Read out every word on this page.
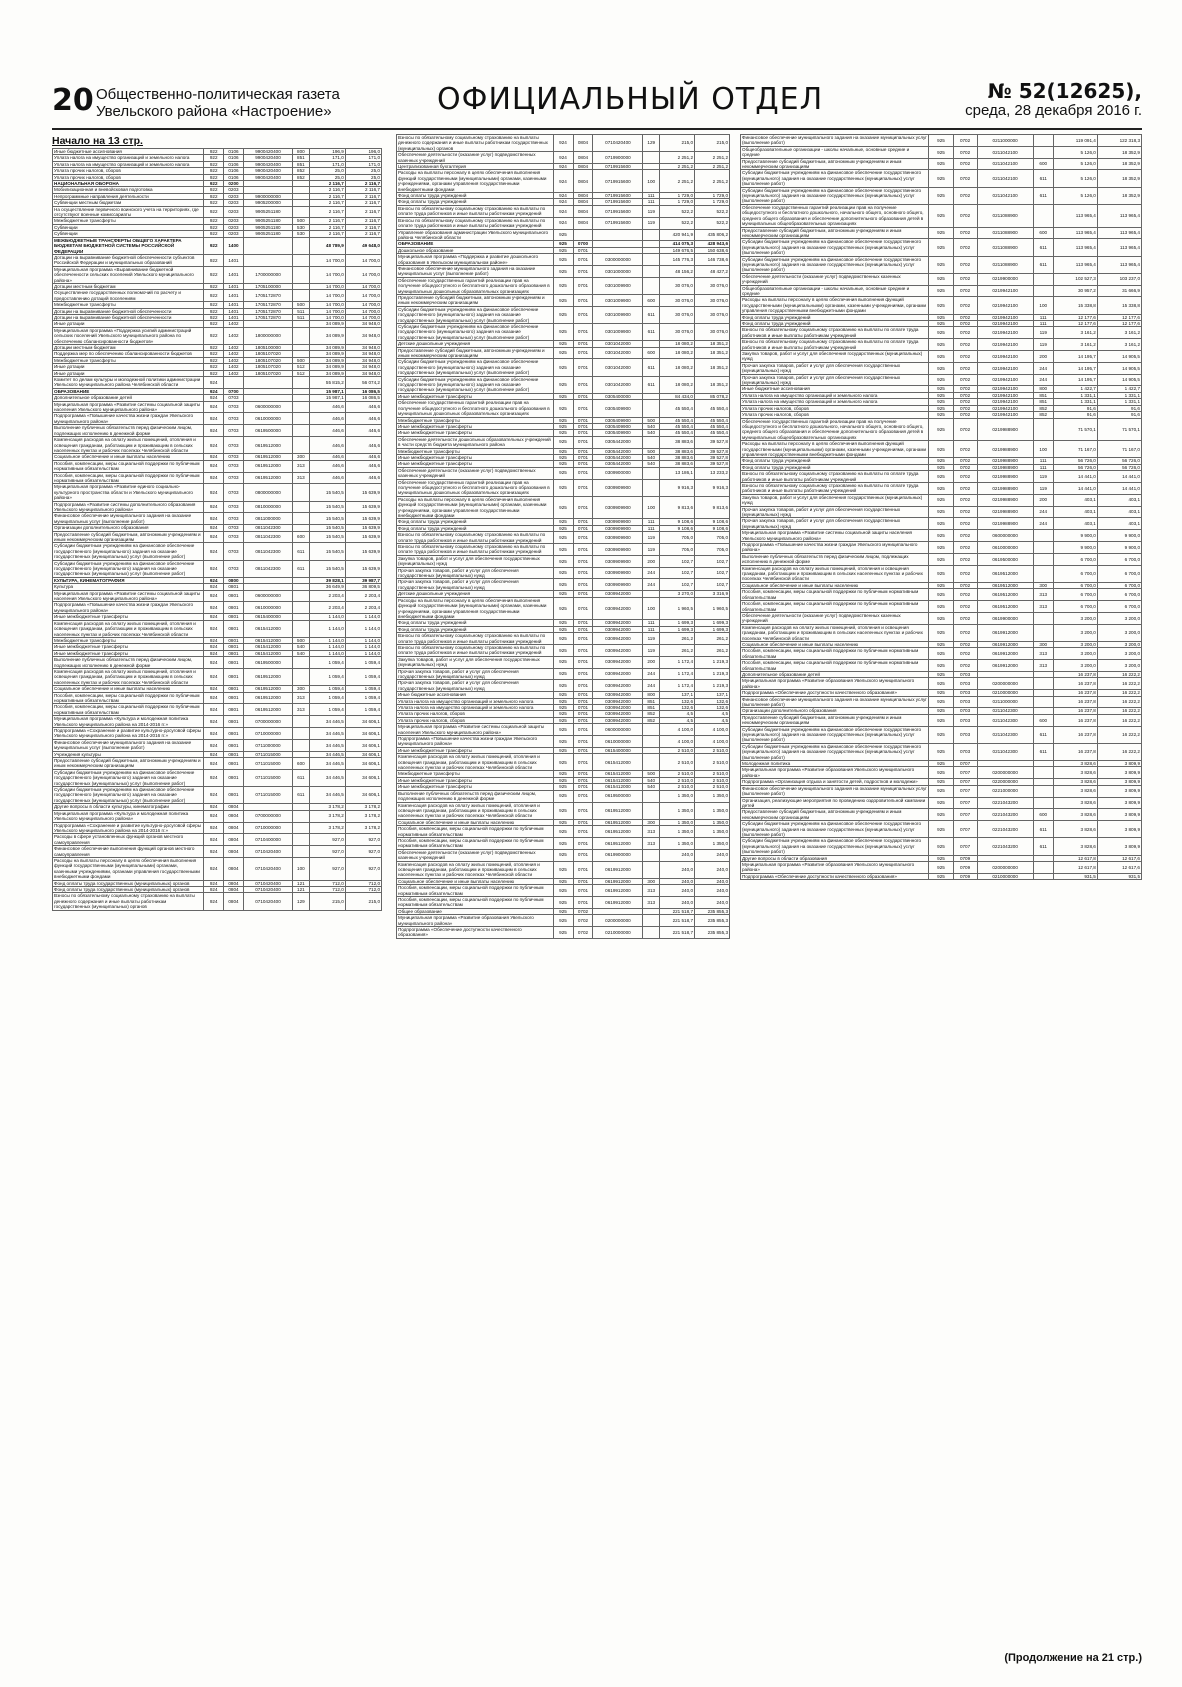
20 Общественно-политическая газета
Увельского района «Настроение»	ОФИЦИАЛЬНЫЙ ОТДЕЛ	№ 52(12625),
среда, 28 декабря 2016 г.
Начало на 13 стр.
Иные бюджетные ассигнования	922	0106	9900420400	800	196,9	196,0
Уплата налога на имущество организаций и земельного налога	922	0106	9900420400	851	171,0	171,0
Уплата налога на имущество организаций и земельного налога	922	0106	9900420400	851	171,0	171,0
Уплата прочих налогов, сборов	922	0106	9900420400	852	25,0	25,0
Уплата прочих налогов, сборов	922	0106	9900420400	852	25,0	25,0
НАЦИОНАЛЬНАЯ ОБОРОНА	922	0200			2 116,7	2 116,7
Мобилизационная и вневойсковая подготовка	922	0203			2 116,7	2 116,7
Непрограммные направления деятельности	922	0203	9900000000		2 116,7	2 116,7
Субвенции местным бюджетам	922	0203	9905200000		2 116,7	2 116,7
На осуществление первичного воинского учета на территориях, где отсутствуют военные комиссариаты	922	0203	9905251180		2 116,7	2 116,7
Межбюджетные трансферты	922	0203	9905251180	500	2 116,7	2 116,7
Субвенции	922	0203	9905251180	530	2 116,7	2 116,7
Субвенции	922	0203	9905251180	530	2 116,7	2 116,7
МЕЖБЮДЖЕТНЫЕ ТРАНСФЕРТЫ ОБЩЕГО ХАРАКТЕРА БЮДЖЕТАМ БЮДЖЕТНОЙ СИСТЕМЫ РОССИЙСКОЙ ФЕДЕРАЦИИ	922	1400			48 789,9	49 648,0
Дотации на выравнивание бюджетной обеспеченности субъектов Российской Федерации и муниципальных образований	922	1401			14 700,0	14 700,0
Муниципальная программа «Выравнивание бюджетной обеспеченности сельских поселений Увельского муниципального района»	922	1401	1700000000		14 700,0	14 700,0
Дотации местным бюджетам	922	1401	1705100000		14 700,0	14 700,0
Осуществление государственных полномочий по расчету и предоставлению дотаций поселениям	922	1401	1705172870		14 700,0	14 700,0
Межбюджетные трансферты	922	1401	1705172870	500	14 700,0	14 700,0
Дотации на выравнивание бюджетной обеспеченности	922	1401	1705172870	511	14 700,0	14 700,0
Дотации на выравнивание бюджетной обеспеченности	922	1401	1705172870	511	14 700,0	14 700,0
Иные дотации	922	1402			34 089,9	34 948,0
Муниципальная программа «Поддержка усилий администраций сельских поселений Увельского муниципального района по обеспечению сбалансированности бюджетов»	922	1402	1800000000		34 089,9	34 948,0
Дотации местным бюджетам	922	1402	1805100000		34 089,9	34 948,0
Поддержка мер по обеспечению сбалансированности бюджетов	922	1402	1805107020		34 089,9	34 948,0
Межбюджетные трансферты	922	1402	1805107020	500	34 089,9	34 948,0
Иные дотации	922	1402	1805107020	512	34 089,9	34 948,0
Иные дотации	922	1402	1805107020	512	34 089,9	34 948,0
Комитет по делам культуры и молодежной политики администрации Увельского муниципального района Челябинской области	924				55 815,2	56 074,2
ОБРАЗОВАНИЕ	924	0700			15 987,1	16 086,5
Дополнительное образование детей	924	0703			15 987,1	16 086,5
Муниципальная программа «Развитие системы социальной защиты населения Увельского муниципального района»	924	0703	0600000000		446,6	446,6
Подпрограмма «Повышение качества жизни граждан Увельского муниципального района»	924	0703	0610000000		446,6	446,6
Выполнение публичных обязательств перед физическим лицом, подлежащих исполнению в денежной форме	924	0703	0619500000		446,6	446,6
Компенсация расходов на оплату жилых помещений, отопления и освещения гражданам, работающим и проживающим в сельских населенных пунктах и рабочих поселках Челябинской области	924	0703	0619512000		446,6	446,6
Социальное обеспечение и иные выплаты населению	924	0703	0619512000	300	446,6	446,6
Пособия, компенсации, меры социальной поддержки по публичным нормативным обязательствам	924	0703	0619512000	313	446,6	446,6
Пособия, компенсации, меры социальной поддержки по публичным нормативным обязательствам	924	0703	0619512000	313	446,6	446,6
Муниципальная программа «Развитие единого социально-культурного пространства области и Увельского муниципального района»	924	0703	0800000000		15 540,5	15 639,9
Подпрограмма «Развитие системы дополнительного образования Увельского муниципального района»	924	0703	0810000000		15 540,5	15 639,9
Финансовое обеспечение муниципального задания на оказание муниципальных услуг (выполнение работ)	924	0703	0811000000		15 540,5	15 639,9
Организации дополнительного образования	924	0703	0811042300		15 540,5	15 639,9
Предоставление субсидий бюджетным, автономным учреждениям и иным некоммерческим организациям	924	0703	0811042300	600	15 540,5	15 639,9
Субсидии бюджетным учреждениям на финансовое обеспечение государственного (муниципального) задания на оказание государственных (муниципальных) услуг (выполнение работ)	924	0703	0811042300	611	15 540,5	15 639,9
Субсидии бюджетным учреждениям на финансовое обеспечение государственного (муниципального) задания на оказание государственных (муниципальных) услуг (выполнение работ)	924	0703	0811042300	611	15 540,5	15 639,9
КУЛЬТУРА, КИНЕМАТОГРАФИЯ	924	0800			39 828,1	39 987,7
Культура	924	0801			36 649,9	36 809,5
Муниципальная программа «Развитие системы социальной защиты населения Увельского муниципального района»	924	0801	0600000000		2 203,4	2 203,4
Подпрограмма «Повышение качества жизни граждан Увельского муниципального района»	924	0801	0610000000		2 203,4	2 203,4
Иные межбюджетные трансферты	924	0801	0615400000		1 144,0	1 144,0
Компенсация расходов на оплату жилых помещений, отопления и освещения гражданам, работающим и проживающим в сельских населенных пунктах и рабочих поселках Челябинской области	924	0801	0615412000		1 144,0	1 144,0
Межбюджетные трансферты	924	0801	0615412000	500	1 144,0	1 144,0
Иные межбюджетные трансферты	924	0801	0615412000	540	1 144,0	1 144,0
Иные межбюджетные трансферты	924	0801	0615412000	540	1 144,0	1 144,0
Выполнение публичных обязательств перед физическим лицом, подлежащих исполнению в денежной форме	924	0801	0619500000		1 059,4	1 059,4
Компенсация расходов на оплату жилых помещений, отопления и освещения гражданам, работающим и проживающим в сельских населенных пунктах и рабочих поселках Челябинской области	924	0801	0619512000		1 059,4	1 059,4
Социальное обеспечение и иные выплаты населению	924	0801	0619512000	300	1 059,4	1 059,4
Пособия, компенсации, меры социальной поддержки по публичным нормативным обязательствам	924	0801	0619512000	313	1 059,4	1 059,4
Пособия, компенсации, меры социальной поддержки по публичным нормативным обязательствам	924	0801	0619512000	313	1 059,4	1 059,4
Муниципальная программа «Культура и молодежная политика Увельского муниципального района на 2014-2016 гг.»	924	0801	0700000000		34 446,5	34 606,1
Подпрограмма «Сохранение и развитие культурно-досуговой сферы Увельского муниципального района на 2014-2016 гг.»	924	0801	0710000000		34 446,5	34 606,1
Финансовое обеспечение муниципального задания на оказание муниципальных услуг (выполнение работ)	924	0801	0711000000		34 446,5	34 606,1
Учреждения культуры	924	0801	0711015000		34 446,5	34 606,1
Предоставление субсидий бюджетным, автономным учреждениям и иным некоммерческим организациям	924	0801	0711015000	600	34 446,5	34 606,1
Субсидии бюджетным учреждениям на финансовое обеспечение государственного (муниципального) задания на оказание государственных (муниципальных) услуг (выполнение работ)	924	0801	0711015000	611	34 446,5	34 606,1
Субсидии бюджетным учреждениям на финансовое обеспечение государственного (муниципального) задания на оказание государственных (муниципальных) услуг (выполнение работ)	924	0801	0711015000	611	34 446,5	34 606,1
Другие вопросы в области культуры, кинематографии	924	0804			3 178,2	3 178,2
Муниципальная программа «Культура и молодежная политика Увельского муниципального района»	924	0804	0700000000		3 178,2	3 178,2
Подпрограмма «Сохранение и развитие культурно-досуговой сферы Увельского муниципального района на 2014-2016 гг.»	924	0804	0710000000		3 178,2	3 178,2
Расходы в сфере установленных функций органов местного самоуправления	924	0804	0710400000		927,0	927,0
Финансовое обеспечение выполнения функций органов местного самоуправления	924	0804	0710420400		927,0	927,0
Расходы на выплаты персоналу в целях обеспечения выполнения функций государственными (муниципальными) органами, казенными учреждениями, органами управления государственными внебюджетными фондами	924	0804	0710420400	100	927,0	927,0
Фонд оплаты труда государственных (муниципальных) органов	924	0804	0710420400	121	712,0	712,0
Фонд оплаты труда государственных (муниципальных) органов	924	0804	0710420400	121	712,0	712,0
Взносы по обязательному социальному страхованию на выплаты денежного содержания и иные выплаты работникам государственных (муниципальных) органов	924	0804	0710420400	129	215,0	215,0
Взносы по обязательному социальному страхованию на выплаты денежного содержания и иные выплаты работникам государственных (муниципальных) органов	924	0804	0710420400	129	215,0	215,0
Обеспечение деятельности (оказание услуг) подведомственных казенных учреждений	924	0804	0719900000		2 251,2	2 251,2
Централизованная бухгалтерия	924	0804	0719915600		2 251,2	2 251,2
Расходы на выплаты персоналу в целях обеспечения выполнения функций государственными (муниципальными) органами, казенными учреждениями, органами управления государственными внебюджетными фондами	924	0804	0719915600	100	2 251,2	2 251,2
Фонд оплаты труда учреждений	924	0804	0719915600	111	1 729,0	1 729,0
Фонд оплаты труда учреждений	924	0804	0719915600	111	1 729,0	1 729,0
Взносы по обязательному социальному страхованию на выплаты по оплате труда работников и иные выплаты работникам учреждений	924	0804	0719915600	119	522,2	522,2
Взносы по обязательному социальному страхованию на выплаты по оплате труда работников и иные выплаты работникам учреждений	924	0804	0719915600	119	522,2	522,2
Управление образования администрации Увельского муниципального района Челябинской области	925				420 941,9	435 806,2
ОБРАЗОВАНИЕ	925	0700			414 075,3	428 943,6
Дошкольное образование	925	0701			149 676,5	150 638,6
Муниципальная программа «Поддержка и развитие дошкольного образования в Увельском муниципальном районе»	925	0701	0300000000		145 776,3	146 738,6
Финансовое обеспечение муниципального задания на оказание муниципальных услуг (выполнение работ)	925	0701	0301000000		48 156,2	48 427,2
Обеспечение государственных гарантий реализации прав на получение общедоступного и бесплатного дошкольного образования в муниципальных дошкольных образовательных организациях	925	0701	0301009900		30 076,0	30 076,0
Предоставление субсидий бюджетным, автономным учреждениям и иным некоммерческим организациям	925	0701	0301009900	600	30 076,0	30 076,0
Субсидии бюджетным учреждениям на финансовое обеспечение государственного (муниципального) задания на оказание государственных (муниципальных) услуг (выполнение работ)	925	0701	0301009900	611	30 076,0	30 076,0
Субсидии бюджетным учреждениям на финансовое обеспечение государственного (муниципального) задания на оказание государственных (муниципальных) услуг (выполнение работ)	925	0701	0301009900	611	30 076,0	30 076,0
Детские дошкольные учреждения	925	0701	0301042000		18 080,2	18 351,2
Предоставление субсидий бюджетным, автономным учреждениям и иным некоммерческим организациям	925	0701	0301042000	600	18 080,2	18 351,2
Субсидии бюджетным учреждениям на финансовое обеспечение государственного (муниципального) задания на оказание государственных (муниципальных) услуг (выполнение работ)	925	0701	0301042000	611	18 080,2	18 351,2
Субсидии бюджетным учреждениям на финансовое обеспечение государственного (муниципального) задания на оказание государственных (муниципальных) услуг (выполнение работ)	925	0701	0301042000	611	18 080,2	18 351,2
Иные межбюджетные трансферты	925	0701	0305400000		84 434,0	85 078,2
Обеспечение государственных гарантий реализации прав на получение общедоступного и бесплатного дошкольного образования в муниципальных дошкольных образовательных организациях	925	0701	0305409900		45 550,4	45 550,4
Межбюджетные трансферты	925	0701	0305409900	500	45 550,4	45 550,4
Иные межбюджетные трансферты	925	0701	0305409900	540	45 550,4	45 550,4
Иные межбюджетные трансферты	925	0701	0305409900	540	45 550,4	45 550,4
Обеспечение деятельности дошкольных образовательных учреждений в части средств бюджета муниципального района	925	0701	0305442000		38 883,6	39 527,8
Межбюджетные трансферты	925	0701	0305442000	500	38 883,6	39 527,8
Иные межбюджетные трансферты	925	0701	0305442000	540	38 883,6	39 527,8
Иные межбюджетные трансферты	925	0701	0305442000	540	38 883,6	39 527,8
Обеспечение деятельности (оказание услуг) подведомственных казенных учреждений	925	0701	0309900000		13 186,1	13 233,2
Обеспечение государственных гарантий реализации прав на получение общедоступного и бесплатного дошкольного образования в муниципальных дошкольных образовательных организациях	925	0701	0309909900		9 916,3	9 916,3
Расходы на выплаты персоналу в целях обеспечения выполнения функций государственными (муниципальными) органами, казенными учреждениями, органами управления государственными внебюджетными фондами	925	0701	0309909900	100	9 813,6	9 813,6
Фонд оплаты труда учреждений	925	0701	0309909900	111	9 108,6	9 108,6
Фонд оплаты труда учреждений	925	0701	0309909900	111	9 108,6	9 108,6
Взносы по обязательному социальному страхованию на выплаты по оплате труда работников и иные выплаты работникам учреждений	925	0701	0309909900	119	705,0	705,0
Взносы по обязательному социальному страхованию на выплаты по оплате труда работников и иные выплаты работникам учреждений	925	0701	0309909900	119	705,0	705,0
Закупка товаров, работ и услуг для обеспечения государственных (муниципальных) нужд	925	0701	0309909900	200	102,7	102,7
Прочая закупка товаров, работ и услуг для обеспечения государственных (муниципальных) нужд	925	0701	0309909900	244	102,7	102,7
Прочая закупка товаров, работ и услуг для обеспечения государственных (муниципальных) нужд	925	0701	0309909900	244	102,7	102,7
Детские дошкольные учреждения	925	0701	0309942000		3 270,0	3 316,9
Расходы на выплаты персоналу в целях обеспечения выполнения функций государственными (муниципальными) органами, казенными учреждениями, органами управления государственными внебюджетными фондами	925	0701	0309942000	100	1 960,5	1 960,5
Фонд оплаты труда учреждений	925	0701	0309942000	111	1 699,3	1 699,3
Фонд оплаты труда учреждений	925	0701	0309942000	111	1 699,3	1 699,3
Взносы по обязательному социальному страхованию на выплаты по оплате труда работников и иные выплаты работникам учреждений	925	0701	0309942000	119	261,2	261,2
Взносы по обязательному социальному страхованию на выплаты по оплате труда работников и иные выплаты работникам учреждений	925	0701	0309942000	119	261,2	261,2
Закупка товаров, работ и услуг для обеспечения государственных (муниципальных) нужд	925	0701	0309942000	200	1 172,4	1 219,3
Прочая закупка товаров, работ и услуг для обеспечения государственных (муниципальных) нужд	925	0701	0309942000	244	1 172,4	1 219,3
Прочая закупка товаров, работ и услуг для обеспечения государственных (муниципальных) нужд	925	0701	0309942000	244	1 172,4	1 219,3
Иные бюджетные ассигнования	925	0701	0309942000	800	137,1	137,1
Уплата налога на имущество организаций и земельного налога	925	0701	0309942000	851	132,6	132,6
Уплата налога на имущество организаций и земельного налога	925	0701	0309942000	851	132,6	132,6
Уплата прочих налогов, сборов	925	0701	0309942000	852	4,5	4,5
Уплата прочих налогов, сборов	925	0701	0309942000	852	4,5	4,5
Муниципальная программа «Развитие системы социальной защиты населения Увельского муниципального района»	925	0701	0600000000		4 100,0	4 100,0
Подпрограмма «Повышение качества жизни граждан Увельского муниципального района»	925	0701	0610000000		4 100,0	4 100,0
Иные межбюджетные трансферты	925	0701	0615400000		2 510,0	2 510,0
Компенсация расходов на оплату жилых помещений, отопления и освещения гражданам, работающим и проживающим в сельских населенных пунктах и рабочих поселках Челябинской области	925	0701	0615412000		2 510,0	2 510,0
Межбюджетные трансферты	925	0701	0615412000	500	2 510,0	2 510,0
Иные межбюджетные трансферты	925	0701	0615412000	540	2 510,0	2 510,0
Иные межбюджетные трансферты	925	0701	0615412000	540	2 510,0	2 510,0
Выполнение публичных обязательств перед физическим лицом, подлежащих исполнению в денежной форме	925	0701	0619500000		1 350,0	1 350,0
Компенсация расходов на оплату жилых помещений, отопления и освещения гражданам, работающим и проживающим в сельских населенных пунктах и рабочих поселках Челябинской области	925	0701	0619512000		1 350,0	1 350,0
Социальное обеспечение и иные выплаты населению	925	0701	0619512000	300	1 350,0	1 350,0
Пособия, компенсации, меры социальной поддержки по публичным нормативным обязательствам	925	0701	0619512000	313	1 350,0	1 350,0
Пособия, компенсации, меры социальной поддержки по публичным нормативным обязательствам	925	0701	0619512000	313	1 350,0	1 350,0
Обеспечение деятельности (оказание услуг) подведомственных казенных учреждений	925	0701	0619900000		240,0	240,0
Компенсация расходов на оплату жилых помещений, отопления и освещения гражданам, работающим и проживающим в сельских населенных пунктах и рабочих поселках Челябинской области	925	0701	0619912000		240,0	240,0
Социальное обеспечение и иные выплаты населению	925	0701	0619912000	300	240,0	240,0
Пособия, компенсации, меры социальной поддержки по публичным нормативным обязательствам	925	0701	0619912000	313	240,0	240,0
Пособия, компенсации, меры социальной поддержки по публичным нормативным обязательствам	925	0701	0619912000	313	240,0	240,0
Общее образование	925	0702			221 518,7	235 855,3
Муниципальная программа «Развитие образования Увельского муниципального района»	925	0702	0200000000		221 518,7	235 855,3
Подпрограмма «Обеспечение доступности качественного образования»	925	0702	0210000000		221 518,7	235 855,3
Финансовое обеспечение муниципального задания на оказание муниципальных услуг (выполнение работ)	925	0702	0211000000		119 091,4	122 318,3
Общеобразовательные организации - школы начальные, основные средние и средние	925	0702	0211042100		5 126,0	18 352,9
Предоставление субсидий бюджетным, автономным учреждениям и иным некоммерческим организациям	925	0702	0211042100	600	5 126,0	18 352,9
Субсидии бюджетным учреждениям на финансовое обеспечение государственного (муниципального) задания на оказание государственных (муниципальных) услуг (выполнение работ)	925	0702	0211042100	611	5 126,0	18 352,9
Субсидии бюджетным учреждениям на финансовое обеспечение государственного (муниципального) задания на оказание государственных (муниципальных) услуг (выполнение работ)	925	0702	0211042100	611	5 126,0	18 352,9
Обеспечение государственных гарантий реализации прав на получение общедоступного и бесплатного дошкольного, начального общего, основного общего, среднего общего образования и обеспечение дополнительного образования детей в муниципальных общеобразовательных организациях	925	0702	0211088900		113 965,4	113 965,4
Предоставление субсидий бюджетным, автономным учреждениям и иным некоммерческим организациям	925	0702	0211088900	600	113 965,4	113 965,4
Субсидии бюджетным учреждениям на финансовое обеспечение государственного (муниципального) задания на оказание государственных (муниципальных) услуг (выполнение работ)	925	0702	0211088900	611	113 965,4	113 965,4
Субсидии бюджетным учреждениям на финансовое обеспечение государственного (муниципального) задания на оказание государственных (муниципальных) услуг (выполнение работ)	925	0702	0211088900	611	113 965,4	113 965,4
Обеспечение деятельности (оказание услуг) подведомственных казенных учреждений	925	0702	0219900000		102 527,3	103 237,0
Общеобразовательные организации - школы начальные, основные средние и средние	925	0702	0219942100		30 957,2	31 666,9
Расходы на выплаты персоналу в целях обеспечения выполнения функций государственными (муниципальными) органами, казенными учреждениями, органами управления государственными внебюджетными фондами	925	0702	0219942100	100	15 338,8	15 338,8
Фонд оплаты труда учреждений	925	0702	0219942100	111	12 177,6	12 177,6
Фонд оплаты труда учреждений	925	0702	0219942100	111	12 177,6	12 177,6
Взносы по обязательному социальному страхованию на выплаты по оплате труда работников и иные выплаты работникам учреждений	925	0702	0219942100	119	3 161,2	3 161,2
Взносы по обязательному социальному страхованию на выплаты по оплате труда работников и иные выплаты работникам учреждений	925	0702	0219942100	119	3 161,2	3 161,2
Закупка товаров, работ и услуг для обеспечения государственных (муниципальных) нужд	925	0702	0219942100	200	14 195,7	14 905,5
Прочая закупка товаров, работ и услуг для обеспечения государственных (муниципальных) нужд	925	0702	0219942100	244	14 195,7	14 905,5
Прочая закупка товаров, работ и услуг для обеспечения государственных (муниципальных) нужд	925	0702	0219942100	244	14 195,7	14 905,5
Иные бюджетные ассигнования	925	0702	0219942100	800	1 422,7	1 422,7
Уплата налога на имущество организаций и земельного налога	925	0702	0219942100	851	1 331,1	1 331,1
Уплата налога на имущество организаций и земельного налога	925	0702	0219942100	851	1 331,1	1 331,1
Уплата прочих налогов, сборов	925	0702	0219942100	852	91,6	91,6
Уплата прочих налогов, сборов	925	0702	0219942100	852	91,6	91,6
Обеспечение государственных гарантий реализации прав на получение общедоступного и бесплатного дошкольного, начального общего, основного общего, среднего общего образования и обеспечение дополнительного образования детей в муниципальных общеобразовательных организациях	925	0702	0219988900		71 570,1	71 570,1
Расходы на выплаты персоналу в целях обеспечения выполнения функций государственными (муниципальными) органами, казенными учреждениями, органами управления государственными внебюджетными фондами	925	0702	0219988900	100	71 167,0	71 167,0
Фонд оплаты труда учреждений	925	0702	0219988900	111	56 726,0	56 726,0
Фонд оплаты труда учреждений	925	0702	0219988900	111	56 726,0	56 726,0
Взносы по обязательному социальному страхованию на выплаты по оплате труда работников и иные выплаты работникам учреждений	925	0702	0219988900	119	14 441,0	14 441,0
Взносы по обязательному социальному страхованию на выплаты по оплате труда работников и иные выплаты работникам учреждений	925	0702	0219988900	119	14 441,0	14 441,0
Закупка товаров, работ и услуг для обеспечения государственных (муниципальных) нужд	925	0702	0219988900	200	403,1	403,1
Прочая закупка товаров, работ и услуг для обеспечения государственных (муниципальных) нужд	925	0702	0219988900	244	403,1	403,1
Прочая закупка товаров, работ и услуг для обеспечения государственных (муниципальных) нужд	925	0702	0219988900	244	403,1	403,1
Муниципальная программа «Развитие системы социальной защиты населения Увельского муниципального района»	925	0702	0600000000		9 900,0	9 900,0
Подпрограмма «Повышение качества жизни граждан Увельского муниципального района»	925	0702	0610000000		9 900,0	9 900,0
Выполнение публичных обязательств перед физическим лицом, подлежащих исполнению в денежной форме	925	0702	0619500000		6 700,0	6 700,0
Компенсация расходов на оплату жилых помещений, отопления и освещения гражданам, работающим и проживающим в сельских населенных пунктах и рабочих поселках Челябинской области	925	0702	0619512000		6 700,0	6 700,0
Социальное обеспечение и иные выплаты населению	925	0702	0619512000	300	6 700,0	6 700,0
Пособия, компенсации, меры социальной поддержки по публичным нормативным обязательствам	925	0702	0619512000	313	6 700,0	6 700,0
Пособия, компенсации, меры социальной поддержки по публичным нормативным обязательствам	925	0702	0619512000	313	6 700,0	6 700,0
Обеспечение деятельности (оказание услуг) подведомственных казенных учреждений	925	0702	0619900000		3 200,0	3 200,0
Компенсация расходов на оплату жилых помещений, отопления и освещения гражданам, работающим и проживающим в сельских населенных пунктах и рабочих поселках Челябинской области	925	0702	0619912000		3 200,0	3 200,0
Социальное обеспечение и иные выплаты населению	925	0702	0619912000	300	3 200,0	3 200,0
Пособия, компенсации, меры социальной поддержки по публичным нормативным обязательствам	925	0702	0619912000	313	3 200,0	3 200,0
Пособия, компенсации, меры социальной поддержки по публичным нормативным обязательствам	925	0702	0619912000	313	3 200,0	3 200,0
Дополнительное образование детей	925	0703			16 237,8	16 222,2
Муниципальная программа «Развитие образования Увельского муниципального района»	925	0703	0200000000		16 237,8	16 222,2
Подпрограмма «Обеспечение доступности качественного образования»	925	0703	0210000000		16 237,8	16 222,2
Финансовое обеспечение муниципального задания на оказание муниципальных услуг (выполнение работ)	925	0703	0211000000		16 237,8	16 222,2
Организации дополнительного образования	925	0703	0211042300		16 237,8	16 222,2
Предоставление субсидий бюджетным, автономным учреждениям и иным некоммерческим организациям	925	0703	0211042300	600	16 237,8	16 222,2
Субсидии бюджетным учреждениям на финансовое обеспечение государственного (муниципального) задания на оказание государственных (муниципальных) услуг (выполнение работ)	925	0703	0211042300	611	16 237,8	16 222,2
Субсидии бюджетным учреждениям на финансовое обеспечение государственного (муниципального) задания на оказание государственных (муниципальных) услуг (выполнение работ)	925	0703	0211042300	611	16 237,8	16 222,2
Молодежная политика	925	0707			3 828,6	3 809,9
Муниципальная программа «Развитие образования Увельского муниципального района»	925	0707	0200000000		3 828,6	3 809,9
Подпрограмма «Организация отдыха и занятости детей, подростков и молодежи»	925	0707	0220000000		3 828,6	3 809,9
Финансовое обеспечение муниципального задания на оказание муниципальных услуг (выполнение работ)	925	0707	0221000000		3 828,6	3 809,9
Организация, реализующие мероприятия по проведению оздоровительной кампании детей	925	0707	0221043200		3 828,6	3 809,9
Предоставление субсидий бюджетным, автономным учреждениям и иным некоммерческим организациям	925	0707	0221043200	600	3 828,6	3 809,9
Субсидии бюджетным учреждениям на финансовое обеспечение государственного (муниципального) задания на оказание государственных (муниципальных) услуг (выполнение работ)	925	0707	0221043200	611	3 828,6	3 809,9
Субсидии бюджетным учреждениям на финансовое обеспечение государственного (муниципального) задания на оказание государственных (муниципальных) услуг (выполнение работ)	925	0707	0221043200	611	3 828,6	3 809,9
Другие вопросы в области образования	925	0709			12 617,8	12 617,6
Муниципальная программа «Развитие образования Увельского муниципального района»	925	0709	0200000000		12 617,8	12 617,6
Подпрограмма «Обеспечение доступности качественного образования»	925	0709	0210000000		931,5	931,5
(Продолжение на 21 стр.)
